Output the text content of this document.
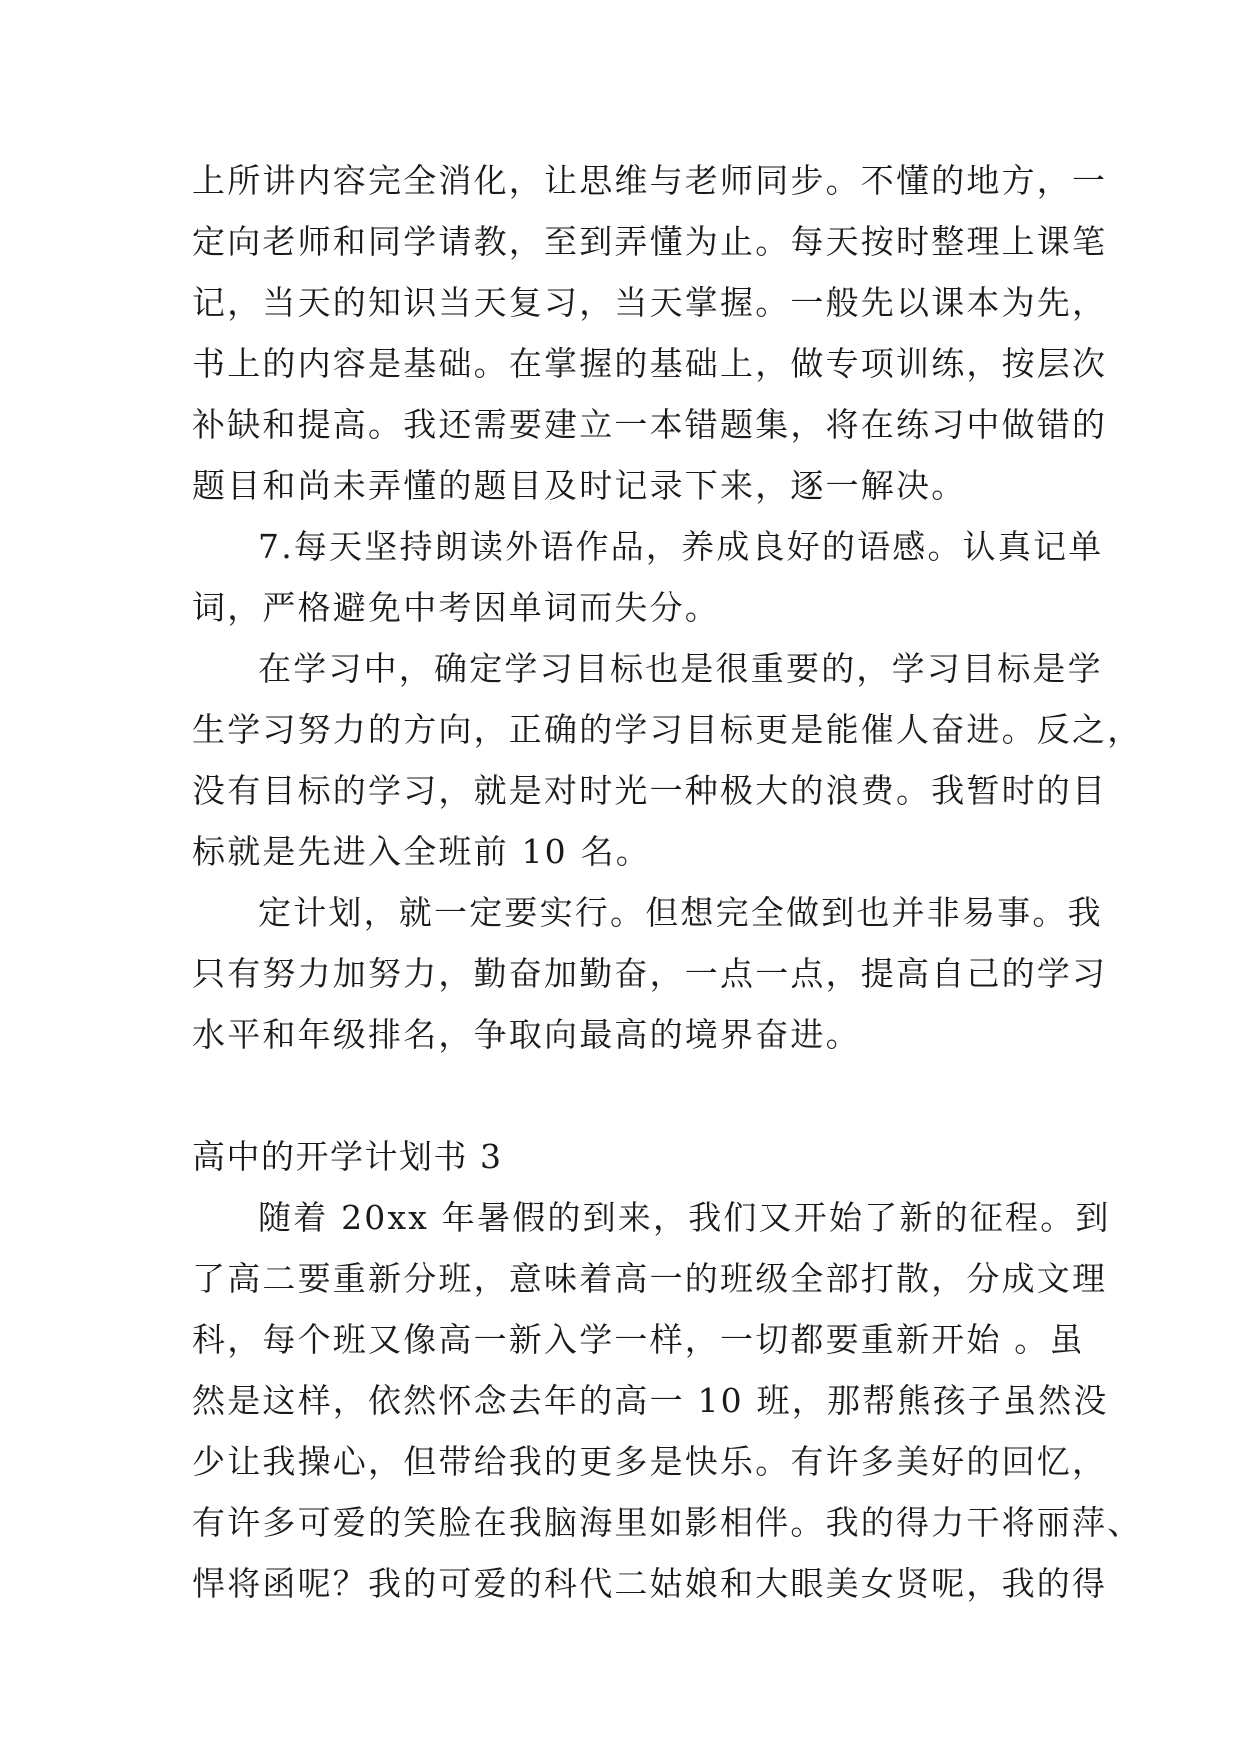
上所讲内容完全消化，让思维与老师同步。不懂的地方，一
定向老师和同学请教，至到弄懂为止。每天按时整理上课笔
记，当天的知识当天复习，当天掌握。一般先以课本为先，
书上的内容是基础。在掌握的基础上，做专项训练，按层次
补缺和提高。我还需要建立一本错题集，将在练习中做错的
题目和尚未弄懂的题目及时记录下来，逐一解决。
7.每天坚持朗读外语作品，养成良好的语感。认真记单
词，严格避免中考因单词而失分。
在学习中，确定学习目标也是很重要的，学习目标是学
生学习努力的方向，正确的学习目标更是能催人奋进。反之，
没有目标的学习，就是对时光一种极大的浪费。我暂时的目
标就是先进入全班前 10 名。
定计划，就一定要实行。但想完全做到也并非易事。我
只有努力加努力，勤奋加勤奋，一点一点，提高自己的学习
水平和年级排名，争取向最高的境界奋进。
高中的开学计划书 3
随着 20xx 年暑假的到来，我们又开始了新的征程。到
了高二要重新分班，意味着高一的班级全部打散，分成文理
科，每个班又像高一新入学一样，一切都要重新开始 。虽
然是这样，依然怀念去年的高一 10 班，那帮熊孩子虽然没
少让我操心，但带给我的更多是快乐。有许多美好的回忆，
有许多可爱的笑脸在我脑海里如影相伴。我的得力干将丽萍、
悍将函呢？我的可爱的科代二姑娘和大眼美女贤呢，我的得
